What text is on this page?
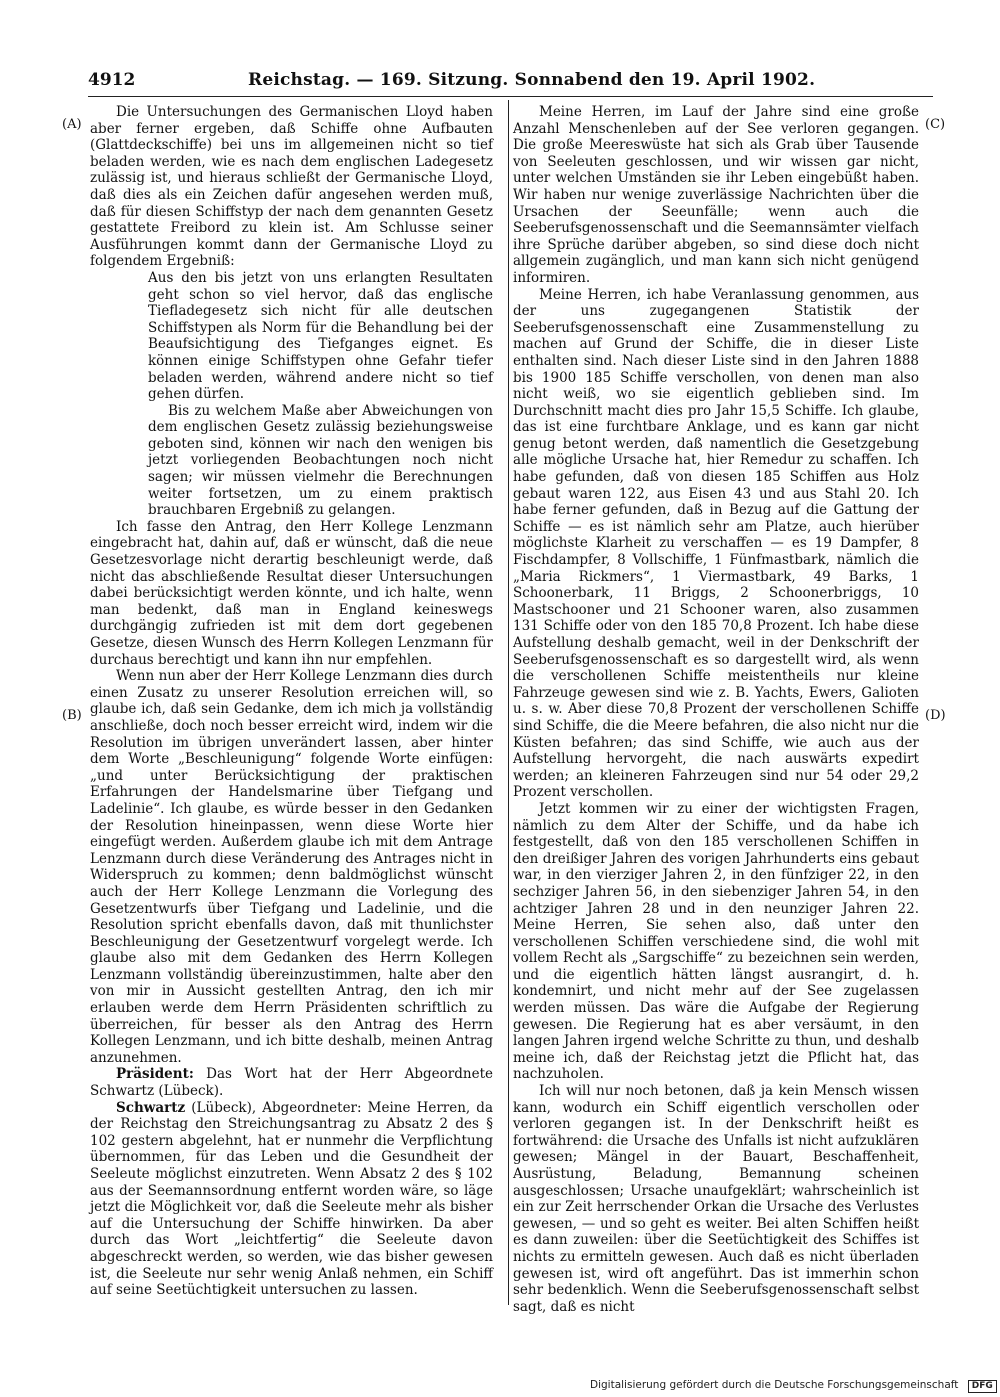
4912	Reichstag. — 169. Sitzung. Sonnabend den 19. April 1902.
(A)
(B)
(C)
(D)

Die Untersuchungen des Germanischen Lloyd haben aber ferner ergeben, daß Schiffe ohne Aufbauten (Glattdeckschiffe) bei uns im allgemeinen nicht so tief beladen werden, wie es nach dem englischen Ladegesetz zulässig ist, und hieraus schließt der Germanische Lloyd, daß dies als ein Zeichen dafür angesehen werden muß, daß für diesen Schiffstyp der nach dem genannten Gesetz gestattete Freibord zu klein ist. Am Schlusse seiner Ausführungen kommt dann der Germanische Lloyd zu folgendem Ergebniß:

Aus den bis jetzt von uns erlangten Resultaten geht schon so viel hervor, daß das englische Tiefladegesetz sich nicht für alle deutschen Schiffstypen als Norm für die Behandlung bei der Beaufsichtigung des Tiefganges eignet. Es können einige Schiffstypen ohne Gefahr tiefer beladen werden, während andere nicht so tief gehen dürfen.

Bis zu welchem Maße aber Abweichungen von dem englischen Gesetz zulässig beziehungsweise geboten sind, können wir nach den wenigen bis jetzt vorliegenden Beobachtungen noch nicht sagen; wir müssen vielmehr die Berechnungen weiter fortsetzen, um zu einem praktisch brauchbaren Ergebniß zu gelangen.

Ich fasse den Antrag, den Herr Kollege Lenzmann eingebracht hat, dahin auf, daß er wünscht, daß die neue Gesetzesvorlage nicht derartig beschleunigt werde, daß nicht das abschließende Resultat dieser Untersuchungen dabei berücksichtigt werden könnte, und ich halte, wenn man bedenkt, daß man in England keineswegs durchgängig zufrieden ist mit dem dort gegebenen Gesetze, diesen Wunsch des Herrn Kollegen Lenzmann für durchaus berechtigt und kann ihn nur empfehlen.

Wenn nun aber der Herr Kollege Lenzmann dies durch einen Zusatz zu unserer Resolution erreichen will, so glaube ich, daß sein Gedanke, dem ich mich ja vollständig anschließe, doch noch besser erreicht wird, indem wir die Resolution im übrigen unverändert lassen, aber hinter dem Worte „Beschleunigung“ folgende Worte einfügen: „und unter Berücksichtigung der praktischen Erfahrungen der Handelsmarine über Tiefgang und Ladelinie“. Ich glaube, es würde besser in den Gedanken der Resolution hineinpassen, wenn diese Worte hier eingefügt werden. Außerdem glaube ich mit dem Antrage Lenzmann durch diese Veränderung des Antrages nicht in Widerspruch zu kommen; denn baldmöglichst wünscht auch der Herr Kollege Lenzmann die Vorlegung des Gesetzentwurfs über Tiefgang und Ladelinie, und die Resolution spricht ebenfalls davon, daß mit thunlichster Beschleunigung der Gesetzentwurf vorgelegt werde. Ich glaube also mit dem Gedanken des Herrn Kollegen Lenzmann vollständig übereinzustimmen, halte aber den von mir in Aussicht gestellten Antrag, den ich mir erlauben werde dem Herrn Präsidenten schriftlich zu überreichen, für besser als den Antrag des Herrn Kollegen Lenzmann, und ich bitte deshalb, meinen Antrag anzunehmen.

Präsident: Das Wort hat der Herr Abgeordnete Schwartz (Lübeck).

Schwartz (Lübeck), Abgeordneter: Meine Herren, da der Reichstag den Streichungsantrag zu Absatz 2 des § 102 gestern abgelehnt, hat er nunmehr die Verpflichtung übernommen, für das Leben und die Gesundheit der Seeleute möglichst einzutreten. Wenn Absatz 2 des § 102 aus der Seemannsordnung entfernt worden wäre, so läge jetzt die Möglichkeit vor, daß die Seeleute mehr als bisher auf die Untersuchung der Schiffe hinwirken. Da aber durch das Wort „leichtfertig“ die Seeleute davon abgeschreckt werden, so werden, wie das bisher gewesen ist, die Seeleute nur sehr wenig Anlaß nehmen, ein Schiff auf seine Seetüchtigkeit untersuchen zu lassen.

Meine Herren, im Lauf der Jahre sind eine große Anzahl Menschenleben auf der See verloren gegangen. Die große Meereswüste hat sich als Grab über Tausende von Seeleuten geschlossen, und wir wissen gar nicht, unter welchen Umständen sie ihr Leben eingebüßt haben. Wir haben nur wenige zuverlässige Nachrichten über die Ursachen der Seeunfälle; wenn auch die Seeberufsgenossenschaft und die Seemannsämter vielfach ihre Sprüche darüber abgeben, so sind diese doch nicht allgemein zugänglich, und man kann sich nicht genügend informiren.

Meine Herren, ich habe Veranlassung genommen, aus der uns zugegangenen Statistik der Seeberufsgenossenschaft eine Zusammenstellung zu machen auf Grund der Schiffe, die in dieser Liste enthalten sind. Nach dieser Liste sind in den Jahren 1888 bis 1900 185 Schiffe verschollen, von denen man also nicht weiß, wo sie eigentlich geblieben sind. Im Durchschnitt macht dies pro Jahr 15,5 Schiffe. Ich glaube, das ist eine furchtbare Anklage, und es kann gar nicht genug betont werden, daß namentlich die Gesetzgebung alle mögliche Ursache hat, hier Remedur zu schaffen. Ich habe gefunden, daß von diesen 185 Schiffen aus Holz gebaut waren 122, aus Eisen 43 und aus Stahl 20. Ich habe ferner gefunden, daß in Bezug auf die Gattung der Schiffe — es ist nämlich sehr am Platze, auch hierüber möglichste Klarheit zu verschaffen — es 19 Dampfer, 8 Fischdampfer, 8 Vollschiffe, 1 Fünfmastbark, nämlich die „Maria Rickmers“, 1 Viermastbark, 49 Barks, 1 Schoonerbark, 11 Briggs, 2 Schoonerbriggs, 10 Mastschooner und 21 Schooner waren, also zusammen 131 Schiffe oder von den 185 70,8 Prozent. Ich habe diese Aufstellung deshalb gemacht, weil in der Denkschrift der Seeberufsgenossenschaft es so dargestellt wird, als wenn die verschollenen Schiffe meistentheils nur kleine Fahrzeuge gewesen sind wie z. B. Yachts, Ewers, Galioten u. s. w. Aber diese 70,8 Prozent der verschollenen Schiffe sind Schiffe, die die Meere befahren, die also nicht nur die Küsten befahren; das sind Schiffe, wie auch aus der Aufstellung hervorgeht, die nach auswärts expedirt werden; an kleineren Fahrzeugen sind nur 54 oder 29,2 Prozent verschollen.

Jetzt kommen wir zu einer der wichtigsten Fragen, nämlich zu dem Alter der Schiffe, und da habe ich festgestellt, daß von den 185 verschollenen Schiffen in den dreißiger Jahren des vorigen Jahrhunderts eins gebaut war, in den vierziger Jahren 2, in den fünfziger 22, in den sechziger Jahren 56, in den siebenziger Jahren 54, in den achtziger Jahren 28 und in den neunziger Jahren 22. Meine Herren, Sie sehen also, daß unter den verschollenen Schiffen verschiedene sind, die wohl mit vollem Recht als „Sargschiffe“ zu bezeichnen sein werden, und die eigentlich hätten längst ausrangirt, d. h. kondemnirt, und nicht mehr auf der See zugelassen werden müssen. Das wäre die Aufgabe der Regierung gewesen. Die Regierung hat es aber versäumt, in den langen Jahren irgend welche Schritte zu thun, und deshalb meine ich, daß der Reichstag jetzt die Pflicht hat, das nachzuholen.

Ich will nur noch betonen, daß ja kein Mensch wissen kann, wodurch ein Schiff eigentlich verschollen oder verloren gegangen ist. In der Denkschrift heißt es fortwährend: die Ursache des Unfalls ist nicht aufzuklären gewesen; Mängel in der Bauart, Beschaffenheit, Ausrüstung, Beladung, Bemannung scheinen ausgeschlossen; Ursache unaufgeklärt; wahrscheinlich ist ein zur Zeit herrschender Orkan die Ursache des Verlustes gewesen, — und so geht es weiter. Bei alten Schiffen heißt es dann zuweilen: über die Seetüchtigkeit des Schiffes ist nichts zu ermitteln gewesen. Auch daß es nicht überladen gewesen ist, wird oft angeführt. Das ist immerhin schon sehr bedenklich. Wenn die Seeberufsgenossenschaft selbst sagt, daß es nicht

Digitalisierung gefördert durch die Deutsche Forschungsgemeinschaft DFG
